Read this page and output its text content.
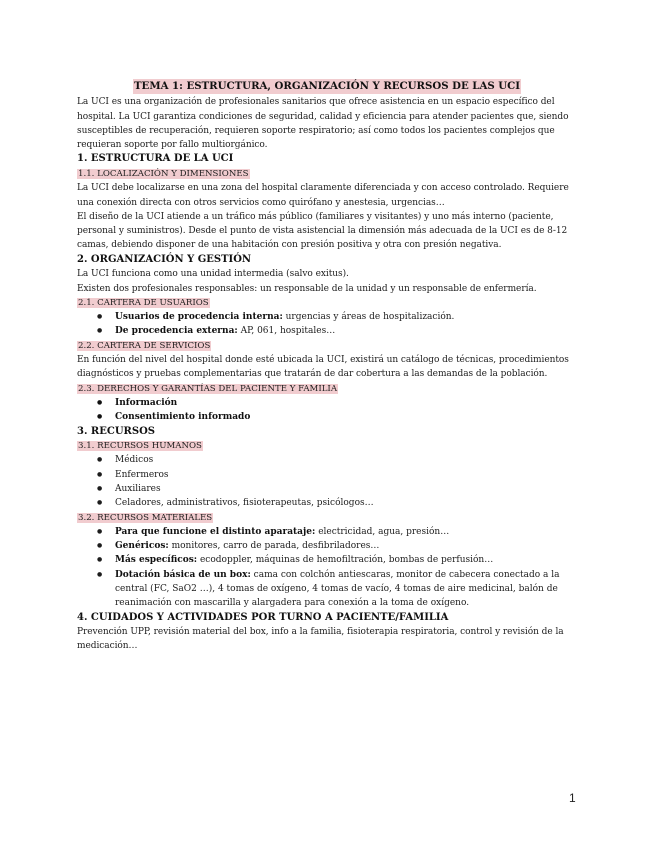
TEMA 1: ESTRUCTURA, ORGANIZACIÓN Y RECURSOS DE LAS UCI

La UCI es una organización de profesionales sanitarios que ofrece asistencia en un espacio específico del hospital. La UCI garantiza condiciones de seguridad, calidad y eficiencia para atender pacientes que, siendo susceptibles de recuperación, requieren soporte respiratorio; así como todos los pacientes complejos que requieran soporte por fallo multiorgánico.

1. ESTRUCTURA DE LA UCI

1.1. LOCALIZACIÓN Y DIMENSIONES

La UCI debe localizarse en una zona del hospital claramente diferenciada y con acceso controlado. Requiere una conexión directa con otros servicios como quirófano y anestesia, urgencias…

El diseño de la UCI atiende a un tráfico más público (familiares y visitantes) y uno más interno (paciente, personal y suministros). Desde el punto de vista asistencial la dimensión más adecuada de la UCI es de 8-12 camas, debiendo disponer de una habitación con presión positiva y otra con presión negativa.

2. ORGANIZACIÓN Y GESTIÓN

La UCI funciona como una unidad intermedia (salvo exitus).

Existen dos profesionales responsables: un responsable de la unidad y un responsable de enfermería.

2.1. CARTERA DE USUARIOS

● Usuarios de procedencia interna: urgencias y áreas de hospitalización.
● De procedencia externa: AP, 061, hospitales…

2.2. CARTERA DE SERVICIOS

En función del nivel del hospital donde esté ubicada la UCI, existirá un catálogo de técnicas, procedimientos diagnósticos y pruebas complementarias que tratarán de dar cobertura a las demandas de la población.

2.3. DERECHOS Y GARANTÍAS DEL PACIENTE Y FAMILIA

● Información
● Consentimiento informado

3. RECURSOS

3.1. RECURSOS HUMANOS

● Médicos
● Enfermeros
● Auxiliares
● Celadores, administrativos, fisioterapeutas, psicólogos…

3.2. RECURSOS MATERIALES

● Para que funcione el distinto aparataje: electricidad, agua, presión…
● Genéricos: monitores, carro de parada, desfibriladores…
● Más específicos: ecodoppler, máquinas de hemofiltración, bombas de perfusión…
● Dotación básica de un box: cama con colchón antiescaras, monitor de cabecera conectado a la central (FC, SaO2 …), 4 tomas de oxígeno, 4 tomas de vacío, 4 tomas de aire medicinal, balón de reanimación con mascarilla y alargadera para conexión a la toma de oxígeno.

4. CUIDADOS Y ACTIVIDADES POR TURNO A PACIENTE/FAMILIA

Prevención UPP, revisión material del box, info a la familia, fisioterapia respiratoria, control y revisión de la medicación…

1
